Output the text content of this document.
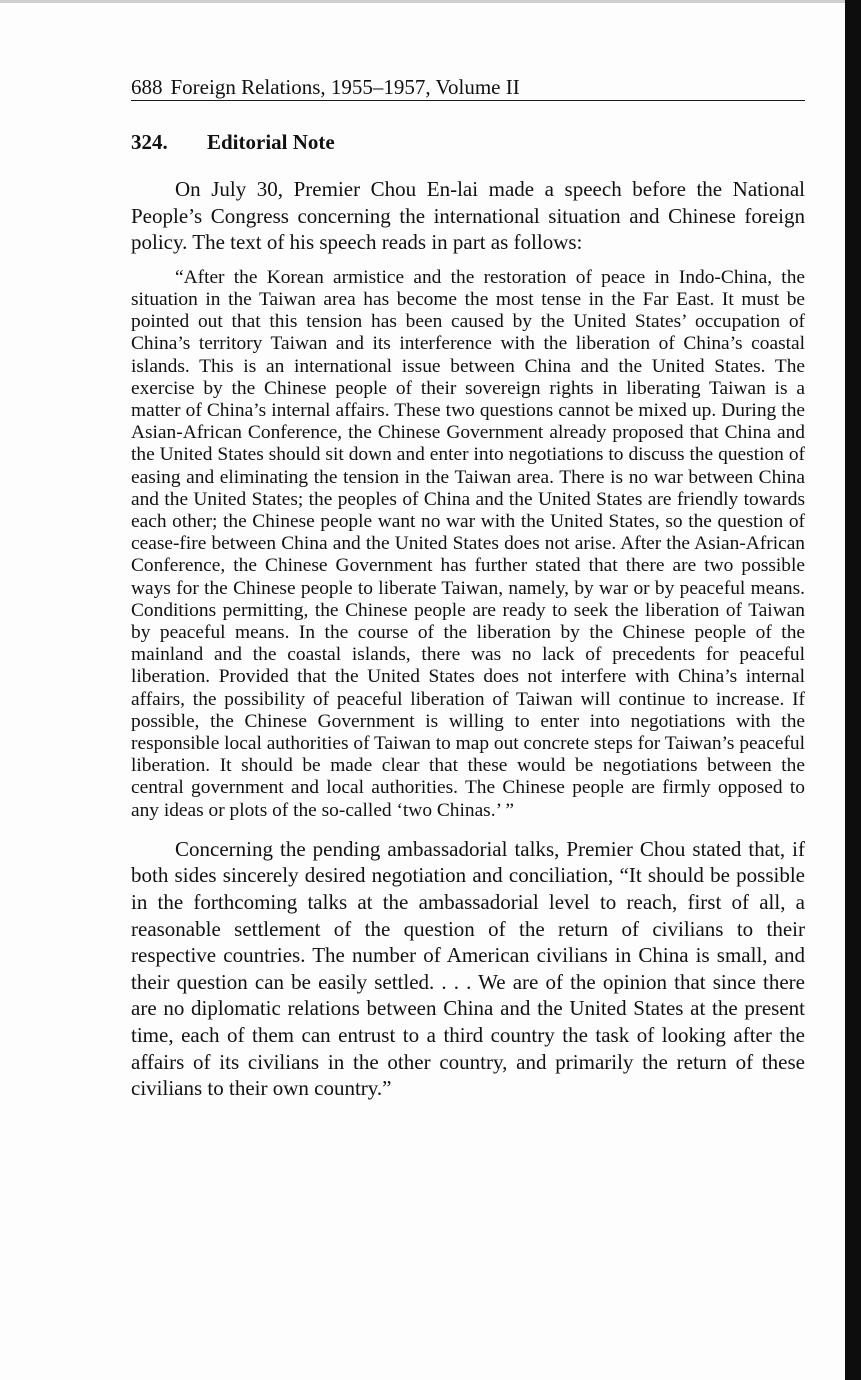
688 Foreign Relations, 1955–1957, Volume II
324. Editorial Note

On July 30, Premier Chou En-lai made a speech before the National People’s Congress concerning the international situation and Chinese foreign policy. The text of his speech reads in part as follows:

“After the Korean armistice and the restoration of peace in Indo-China, the situation in the Taiwan area has become the most tense in the Far East. It must be pointed out that this tension has been caused by the United States’ occupation of China’s territory Taiwan and its interference with the liberation of China’s coastal islands. This is an international issue between China and the United States. The exercise by the Chinese people of their sovereign rights in liberating Taiwan is a matter of China’s internal affairs. These two questions cannot be mixed up. During the Asian-African Conference, the Chinese Government already proposed that China and the United States should sit down and enter into negotiations to discuss the question of easing and eliminating the tension in the Taiwan area. There is no war between China and the United States; the peoples of China and the United States are friendly towards each other; the Chinese people want no war with the United States, so the question of cease-fire between China and the United States does not arise. After the Asian-African Conference, the Chinese Government has further stated that there are two possible ways for the Chinese people to liberate Taiwan, namely, by war or by peaceful means. Conditions permitting, the Chinese people are ready to seek the liberation of Taiwan by peaceful means. In the course of the liberation by the Chinese people of the mainland and the coastal islands, there was no lack of precedents for peaceful liberation. Provided that the United States does not interfere with China’s internal affairs, the possibility of peaceful liberation of Taiwan will continue to increase. If possible, the Chinese Government is willing to enter into negotiations with the responsible local authorities of Taiwan to map out concrete steps for Taiwan’s peaceful liberation. It should be made clear that these would be negotiations between the central government and local authorities. The Chinese people are firmly opposed to any ideas or plots of the so-called ‘two Chinas.’ ”

Concerning the pending ambassadorial talks, Premier Chou stated that, if both sides sincerely desired negotiation and conciliation, “It should be possible in the forthcoming talks at the ambassadorial level to reach, first of all, a reasonable settlement of the question of the return of civilians to their respective countries. The number of American civilians in China is small, and their question can be easily settled. . . . We are of the opinion that since there are no diplomatic relations between China and the United States at the present time, each of them can entrust to a third country the task of looking after the affairs of its civilians in the other country, and primarily the return of these civilians to their own country.”
